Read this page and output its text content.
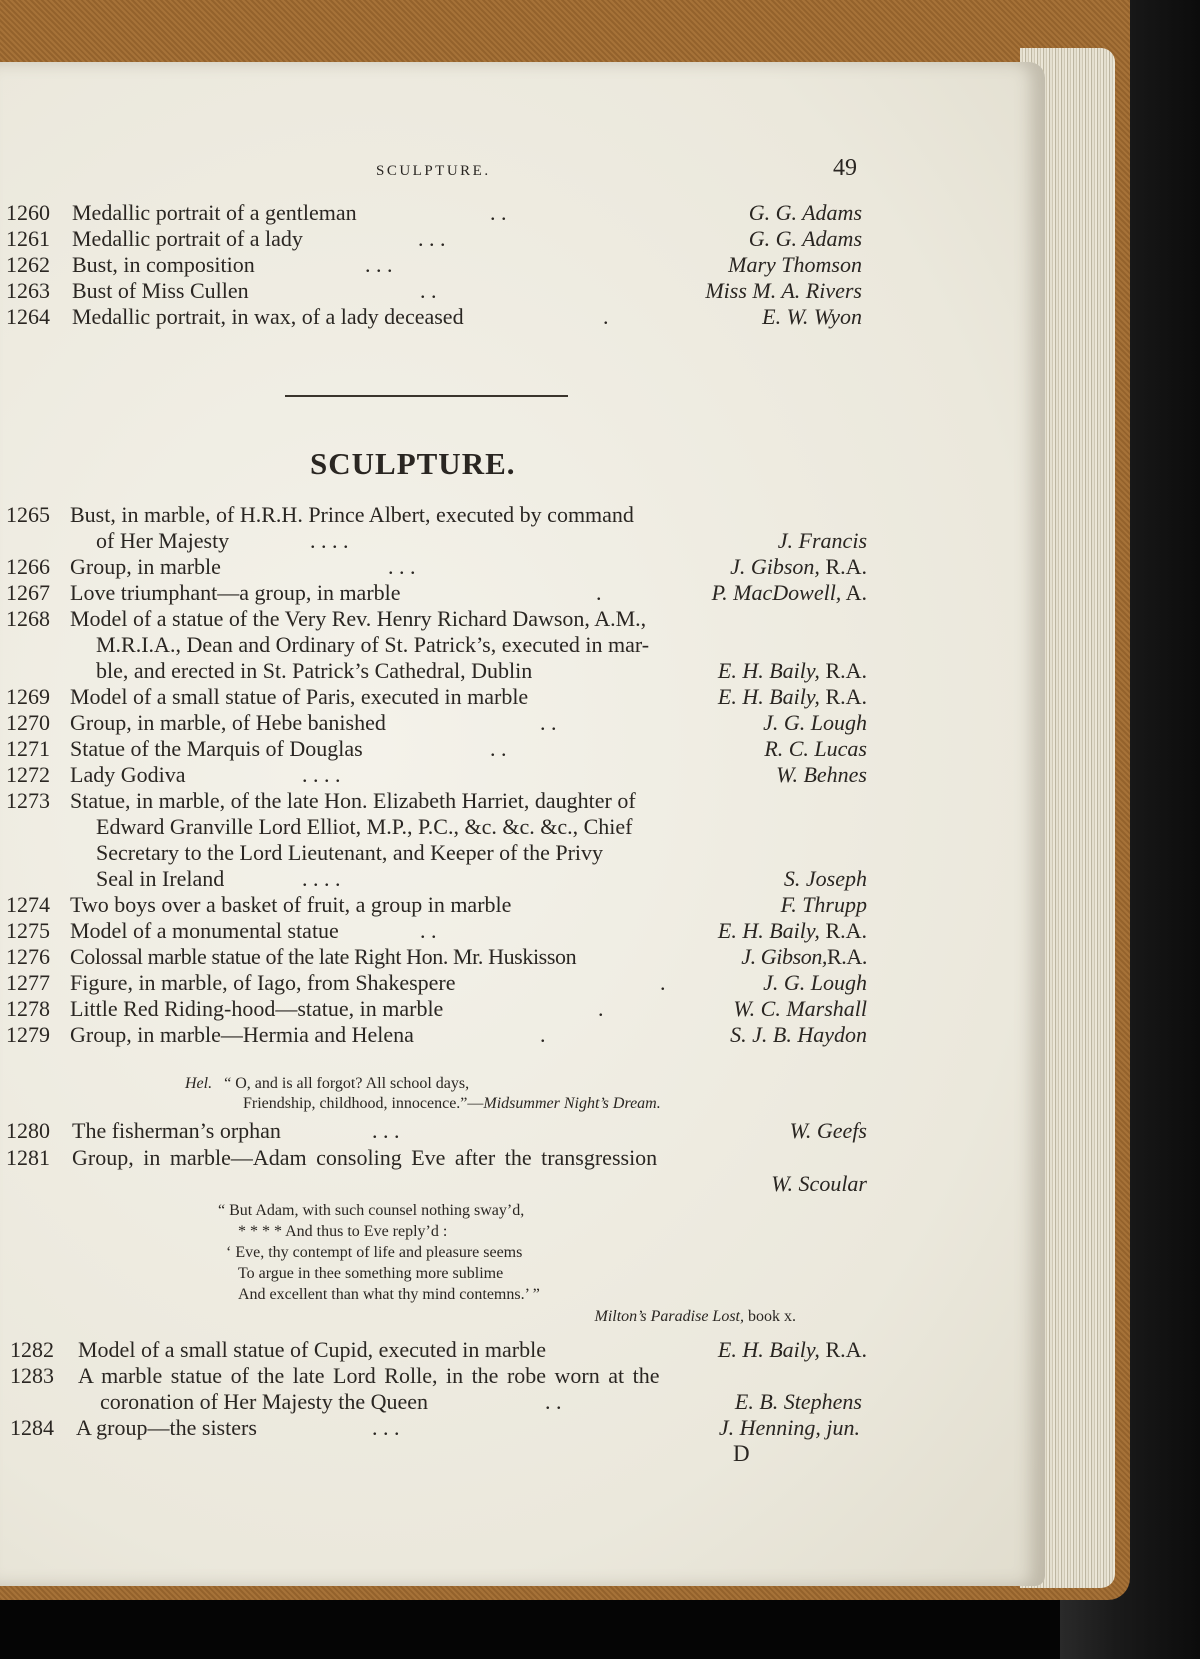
SCULPTURE.	49
1260 Medallic portrait of a gentleman	. .	G. G. Adams
1261 Medallic portrait of a lady	. . .	G. G. Adams
1262 Bust, in composition	. . .	Mary Thomson
1263 Bust of Miss Cullen	. .	Miss M. A. Rivers
1264 Medallic portrait, in wax, of a lady deceased	.	E. W. Wyon
SCULPTURE.
1265 Bust, in marble, of H.R.H. Prince Albert, executed by command
of Her Majesty	. . . .	J. Francis
1266 Group, in marble	. . .	J. Gibson, R.A.
1267 Love triumphant—a group, in marble	.	P. MacDowell, A.
1268 Model of a statue of the Very Rev. Henry Richard Dawson, A.M.,
M.R.I.A., Dean and Ordinary of St. Patrick’s, executed in mar-
ble, and erected in St. Patrick’s Cathedral, Dublin	E. H. Baily, R.A.
1269 Model of a small statue of Paris, executed in marble	E. H. Baily, R.A.
1270 Group, in marble, of Hebe banished	. .	J. G. Lough
1271 Statue of the Marquis of Douglas	. .	R. C. Lucas
1272 Lady Godiva	. . . .	W. Behnes
1273 Statue, in marble, of the late Hon. Elizabeth Harriet, daughter of
Edward Granville Lord Elliot, M.P., P.C., &c. &c. &c., Chief
Secretary to the Lord Lieutenant, and Keeper of the Privy
Seal in Ireland	. . . .	S. Joseph
1274 Two boys over a basket of fruit, a group in marble	F. Thrupp
1275 Model of a monumental statue	. .	E. H. Baily, R.A.
1276 Colossal marble statue of the late Right Hon. Mr. Huskisson	J. Gibson,R.A.
1277 Figure, in marble, of Iago, from Shakespere	.	J. G. Lough
1278 Little Red Riding-hood—statue, in marble	.	W. C. Marshall
1279 Group, in marble—Hermia and Helena	.	S. J. B. Haydon
Hel. “ O, and is all forgot? All school days,
Friendship, childhood, innocence.”—Midsummer Night’s Dream.
1280 The fisherman’s orphan	. . .	W. Geefs
1281 Group, in marble—Adam consoling Eve after the transgression
W. Scoular
“ But Adam, with such counsel nothing sway’d,
* * * * And thus to Eve reply’d :
‘ Eve, thy contempt of life and pleasure seems
To argue in thee something more sublime
And excellent than what thy mind contemns.’ ”
Milton’s Paradise Lost, book x.
1282 Model of a small statue of Cupid, executed in marble	E. H. Baily, R.A.
1283 A marble statue of the late Lord Rolle, in the robe worn at the
coronation of Her Majesty the Queen	. .	E. B. Stephens
1284 A group—the sisters	. . .	J. Henning, jun.
D
